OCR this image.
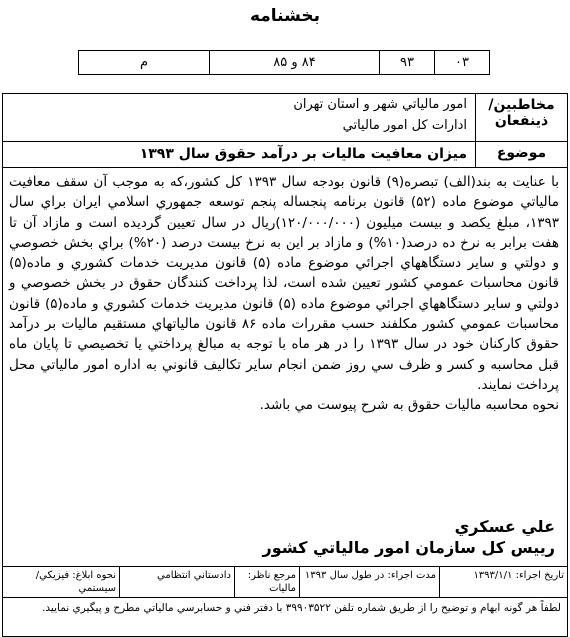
بخشنامه
۰۳
۹۳
۸۴ و ۸۵
م
مخاطبين/ ذينفعان
امور مالياتي شهر و استان تهران
ادارات كل امور مالياتي
موضوع
ميزان معافيت ماليات بر درآمد حقوق سال ۱۳۹۳

با عنايت به بند(الف) تبصره(۹) قانون بودجه سال ۱۳۹۳ كل كشور،كه به موجب آن سقف معافيت مالياتي موضوع ماده (۵۲) قانون برنامه پنجساله پنجم توسعه جمهوري اسلامي ايران براي سال ۱۳۹۳، مبلغ يكصد و بيست ميليون (۱۲۰/۰۰۰/۰۰۰)ريال در سال تعيين گرديده است و مازاد آن تا هفت برابر به نرخ ده درصد(۱۰%) و مازاد بر اين به نرخ بيست درصد (۲۰%) براي بخش خصوصي و دولتي و ساير دستگاههاي اجرائي موضوع ماده (۵) قانون مديريت خدمات كشوري و ماده(۵) قانون محاسبات عمومي كشور تعيين شده است، لذا پرداخت كنندگان حقوق در بخش خصوصي و دولتي و ساير دستگاههاي اجرائي موضوع ماده (۵) قانون مديريت خدمات كشوري و ماده(۵) قانون محاسبات عمومي كشور مكلفند حسب مقررات ماده ۸۶ قانون مالياتهاي مستقيم ماليات بر درآمد حقوق كاركنان خود در سال ۱۳۹۳ را در هر ماه با توجه به مبالغ پرداختي يا تخصيصي تا پايان ماه قبل محاسبه و كسر و ظرف سي روز ضمن انجام ساير تكاليف قانوني به اداره امور مالياتي محل پرداخت نمايند.

نحوه محاسبه ماليات حقوق به شرح پيوست مي باشد.

علي عسكري
رييس كل سازمان امور مالياتي كشور
تاريخ اجراء: ۱۳۹۳/۱/۱
مدت اجراء: در طول سال ۱۳۹۳
مرجع ناظر: ماليات
دادستاني انتظامي
نحوه ابلاغ: فيزيكي/ سيستمي
لطفاً هر گونه ابهام و توضيح را از طريق شماره تلفن ۳۹۹۰۳۵۲۲ با دفتر فني و حسابرسي مالياتي مطرح و پيگيري نماييد.
